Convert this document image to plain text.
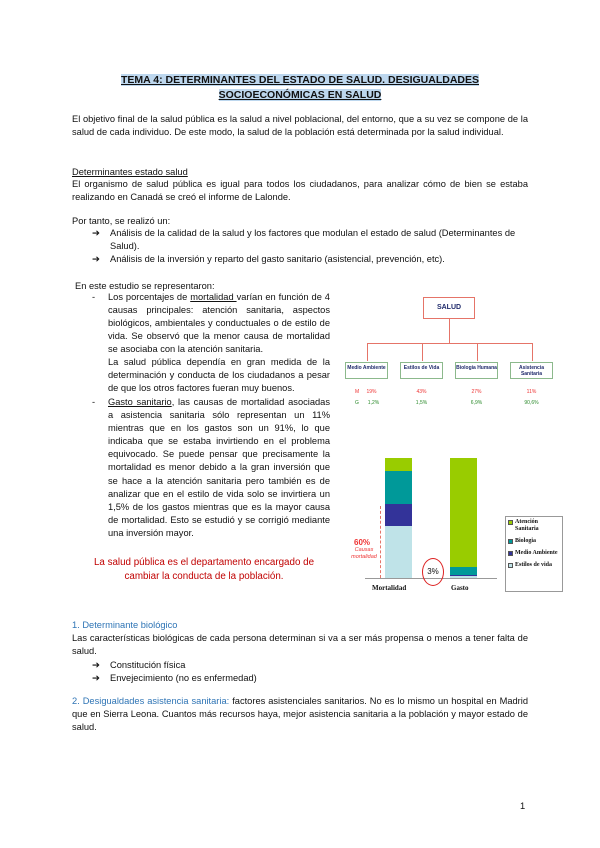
TEMA 4: DETERMINANTES DEL ESTADO DE SALUD. DESIGUALDADES
SOCIOECONÓMICAS EN SALUD

El objetivo final de la salud pública es la salud a nivel poblacional, del entorno, que a su vez se compone de la salud de cada individuo. De este modo, la salud de la población está determinada por la salud individual.

Determinantes estado salud

El organismo de salud pública es igual para todos los ciudadanos, para analizar cómo de bien se estaba realizando en Canadá se creó el informe de Lalonde.

Por tanto, se realizó un:

➔ Análisis de la calidad de la salud y los factores que modulan el estado de salud (Determinantes de Salud).
➔ Análisis de la inversión y reparto del gasto sanitario (asistencial, prevención, etc).

En este estudio se representaron:

- Los porcentajes de mortalidad varían en función de 4 causas principales: atención sanitaria, aspectos biológicos, ambientales y conductuales o de estilo de vida. Se observó que la menor causa de mortalidad se asociaba con la atención sanitaria.
La salud pública dependía en gran medida de la determinación y conducta de los ciudadanos a pesar de que los otros factores fueran muy buenos.
- Gasto sanitario, las causas de mortalidad asociadas a asistencia sanitaria sólo representan un 11% mientras que en los gastos son un 91%, lo que indicaba que se estaba invirtiendo en el problema equivocado. Se puede pensar que precisamente la mortalidad es menor debido a la gran inversión que se hace a la atención sanitaria pero también es de analizar que en el estilo de vida solo se invirtiera un 1,5% de los gastos mientras que es la mayor causa de mortalidad. Esto se estudió y se corrigió mediante una inversión mayor.
La salud pública es el departamento encargado de cambiar la conducta de la población.
SALUD
Medio Ambiente	Estilos de Vida	Biología Humana	Asistencia Sanitaria
M
G
19%	43%	27%	11%
1,2%	1,5%	6,9%	90,6%
Mortalidad	Gasto
60%
Causas
mortalidad
3%
Atención Sanitaria
Biologia
Medio Ambiente
Estilos de vida

1. Determinante biológico

Las características biológicas de cada persona determinan si va a ser más propensa o menos a tener falta de salud.

➔ Constitución física
➔ Envejecimiento (no es enfermedad)

2. Desigualdades asistencia sanitaria: factores asistenciales sanitarios. No es lo mismo un hospital en Madrid que en Sierra Leona. Cuantos más recursos haya, mejor asistencia sanitaria a la población y mayor estado de salud.

1
